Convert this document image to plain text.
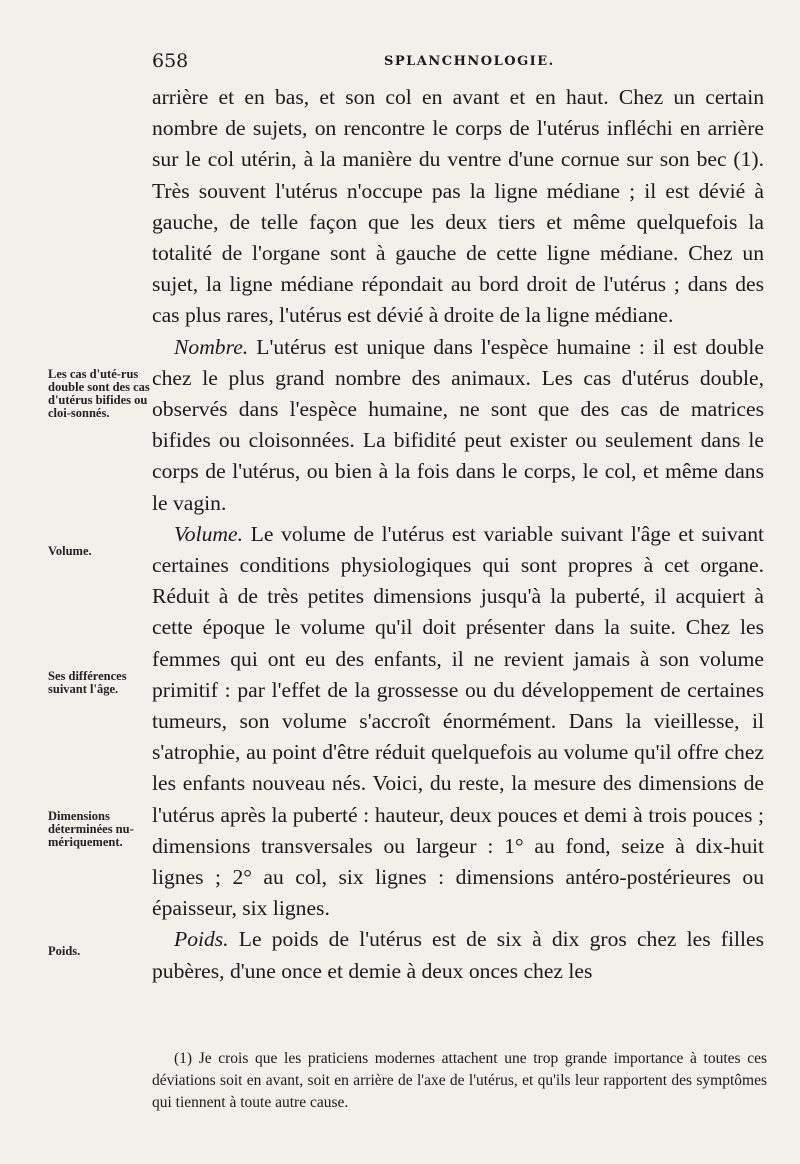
658	SPLANCHNOLOGIE.
Les cas d'uté-rus double sont des cas d'utérus bifides ou cloi-sonnés.
Volume.
Ses différences suivant l'âge.
Dimensions déterminées nu-mériquement.
Poids.

arrière et en bas, et son col en avant et en haut. Chez un certain nombre de sujets, on rencontre le corps de l'utérus infléchi en arrière sur le col utérin, à la manière du ventre d'une cornue sur son bec (1). Très souvent l'utérus n'occupe pas la ligne médiane ; il est dévié à gauche, de telle façon que les deux tiers et même quelquefois la totalité de l'organe sont à gauche de cette ligne médiane. Chez un sujet, la ligne médiane répondait au bord droit de l'utérus ; dans des cas plus rares, l'utérus est dévié à droite de la ligne médiane.

Nombre. L'utérus est unique dans l'espèce humaine : il est double chez le plus grand nombre des animaux. Les cas d'utérus double, observés dans l'espèce humaine, ne sont que des cas de matrices bifides ou cloisonnées. La bifidité peut exister ou seulement dans le corps de l'utérus, ou bien à la fois dans le corps, le col, et même dans le vagin.

Volume. Le volume de l'utérus est variable suivant l'âge et suivant certaines conditions physiologiques qui sont propres à cet organe. Réduit à de très petites dimensions jusqu'à la puberté, il acquiert à cette époque le volume qu'il doit présenter dans la suite. Chez les femmes qui ont eu des enfants, il ne revient jamais à son volume primitif : par l'effet de la grossesse ou du développement de certaines tumeurs, son volume s'accroît énormément. Dans la vieillesse, il s'atrophie, au point d'être réduit quelquefois au volume qu'il offre chez les enfants nouveau nés. Voici, du reste, la mesure des dimensions de l'utérus après la puberté : hauteur, deux pouces et demi à trois pouces ; dimensions transversales ou largeur : 1° au fond, seize à dix-huit lignes ; 2° au col, six lignes : dimensions antéro-postérieures ou épaisseur, six lignes.

Poids. Le poids de l'utérus est de six à dix gros chez les filles pubères, d'une once et demie à deux onces chez les

(1) Je crois que les praticiens modernes attachent une trop grande importance à toutes ces déviations soit en avant, soit en arrière de l'axe de l'utérus, et qu'ils leur rapportent des symptômes qui tiennent à toute autre cause.
